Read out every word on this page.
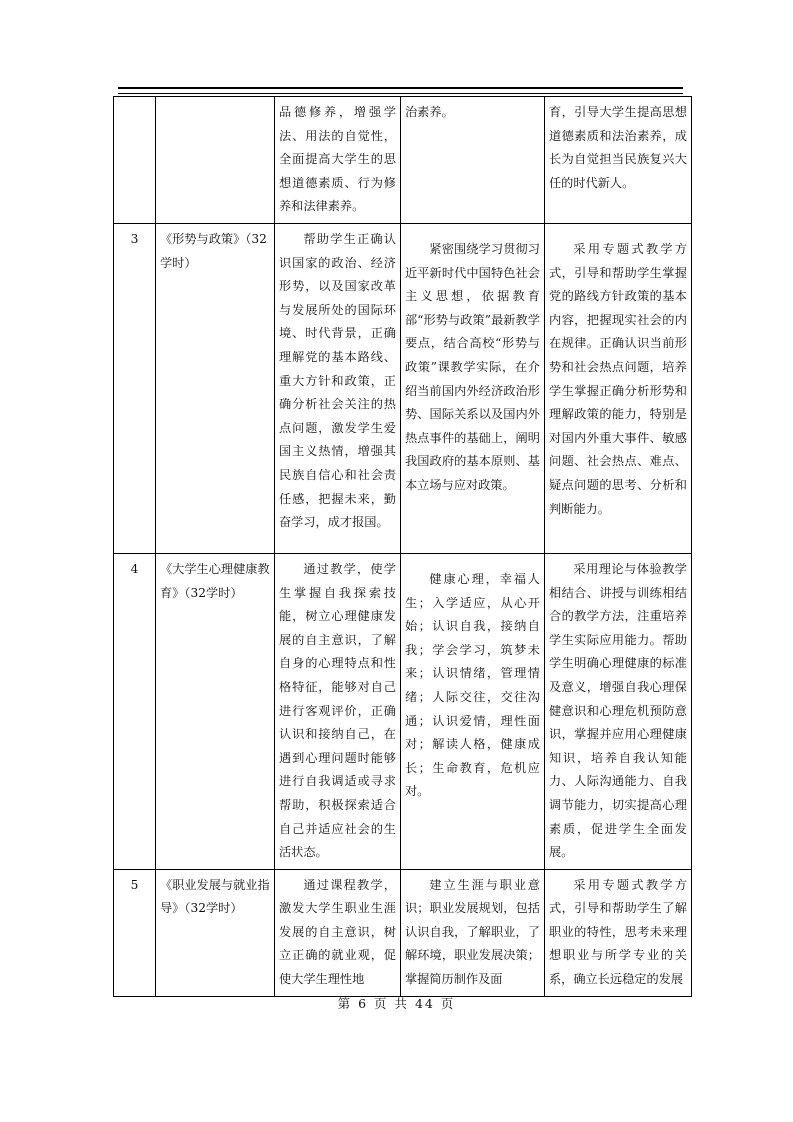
		品德修养，增强学法、用法的自觉性，全面提高大学生的思想道德素质、行为修养和法律素养。	治素养。	育，引导大学生提高思想道德素质和法治素养，成长为自觉担当民族复兴大任的时代新人。
3	《形势与政策》（32学时）	帮助学生正确认识国家的政治、经济形势，以及国家改革与发展所处的国际环境、时代背景，正确理解党的基本路线、重大方针和政策，正确分析社会关注的热点问题，激发学生爱国主义热情，增强其民族自信心和社会责任感，把握未来，勤奋学习，成才报国。	紧密围绕学习贯彻习近平新时代中国特色社会主义思想，依据教育部“形势与政策”最新教学要点，结合高校“形势与政策”课教学实际，在介绍当前国内外经济政治形势、国际关系以及国内外热点事件的基础上，阐明我国政府的基本原则、基本立场与应对政策。	采用专题式教学方式，引导和帮助学生掌握党的路线方针政策的基本内容，把握现实社会的内在规律。正确认识当前形势和社会热点问题，培养学生掌握正确分析形势和理解政策的能力，特别是对国内外重大事件、敏感问题、社会热点、难点、疑点问题的思考、分析和判断能力。
4	《大学生心理健康教育》（32学时）	通过教学，使学生掌握自我探索技能，树立心理健康发展的自主意识，了解自身的心理特点和性格特征，能够对自己进行客观评价，正确认识和接纳自己，在遇到心理问题时能够进行自我调适或寻求帮助，积极探索适合自己并适应社会的生活状态。	健康心理，幸福人生；入学适应，从心开始；认识自我，接纳自我；学会学习，筑梦未来；认识情绪，管理情绪；人际交往，交往沟通；认识爱情，理性面对；解读人格，健康成长；生命教育，危机应对。	采用理论与体验教学相结合、讲授与训练相结合的教学方法，注重培养学生实际应用能力。帮助学生明确心理健康的标准及意义，增强自我心理保健意识和心理危机预防意识，掌握并应用心理健康知识，培养自我认知能力、人际沟通能力、自我调节能力，切实提高心理素质，促进学生全面发展。
5	《职业发展与就业指导》（32学时）	通过课程教学，激发大学生职业生涯发展的自主意识，树立正确的就业观，促使大学生理性地	建立生涯与职业意识；职业发展规划，包括认识自我，了解职业，了解环境，职业发展决策；掌握简历制作及面	采用专题式教学方式，引导和帮助学生了解职业的特性，思考未来理想职业与所学专业的关系，确立长远稳定的发展
第 6 页 共 44 页
